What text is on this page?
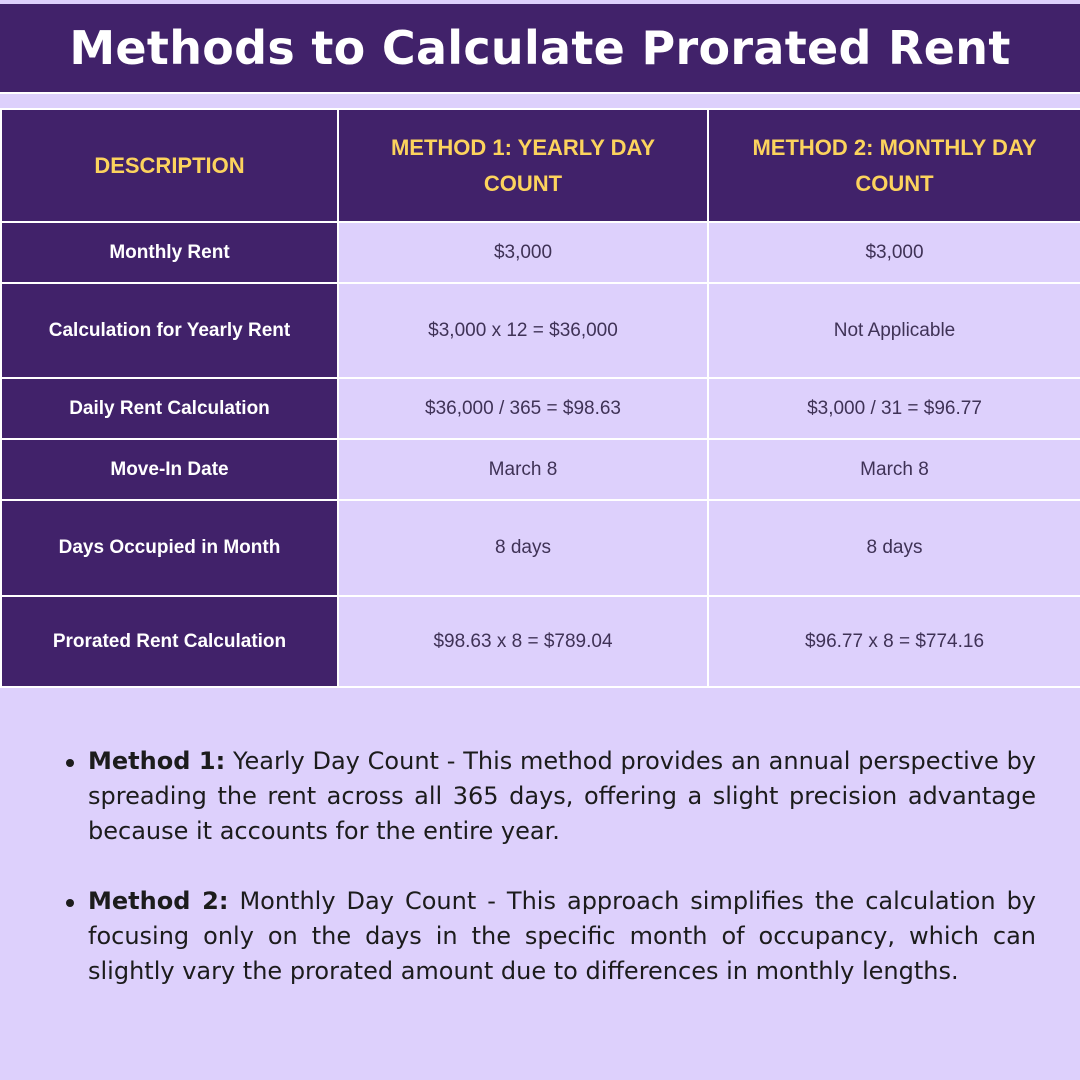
Methods to Calculate Prorated Rent
DESCRIPTION	METHOD 1: YEARLY DAY COUNT	METHOD 2: MONTHLY DAY COUNT
Monthly Rent	$3,000	$3,000
Calculation for Yearly Rent	$3,000 x 12 = $36,000	Not Applicable
Daily Rent Calculation	$36,000 / 365 = $98.63	$3,000 / 31 = $96.77
Move-In Date	March 8	March 8
Days Occupied in Month	8 days	8 days
Prorated Rent Calculation	$98.63 x 8 = $789.04	$96.77 x 8 = $774.16

Method 1: Yearly Day Count - This method provides an annual perspective by spreading the rent across all 365 days, offering a slight precision advantage because it accounts for the entire year.

Method 2: Monthly Day Count - This approach simplifies the calculation by focusing only on the days in the specific month of occupancy, which can slightly vary the prorated amount due to differences in monthly lengths.
